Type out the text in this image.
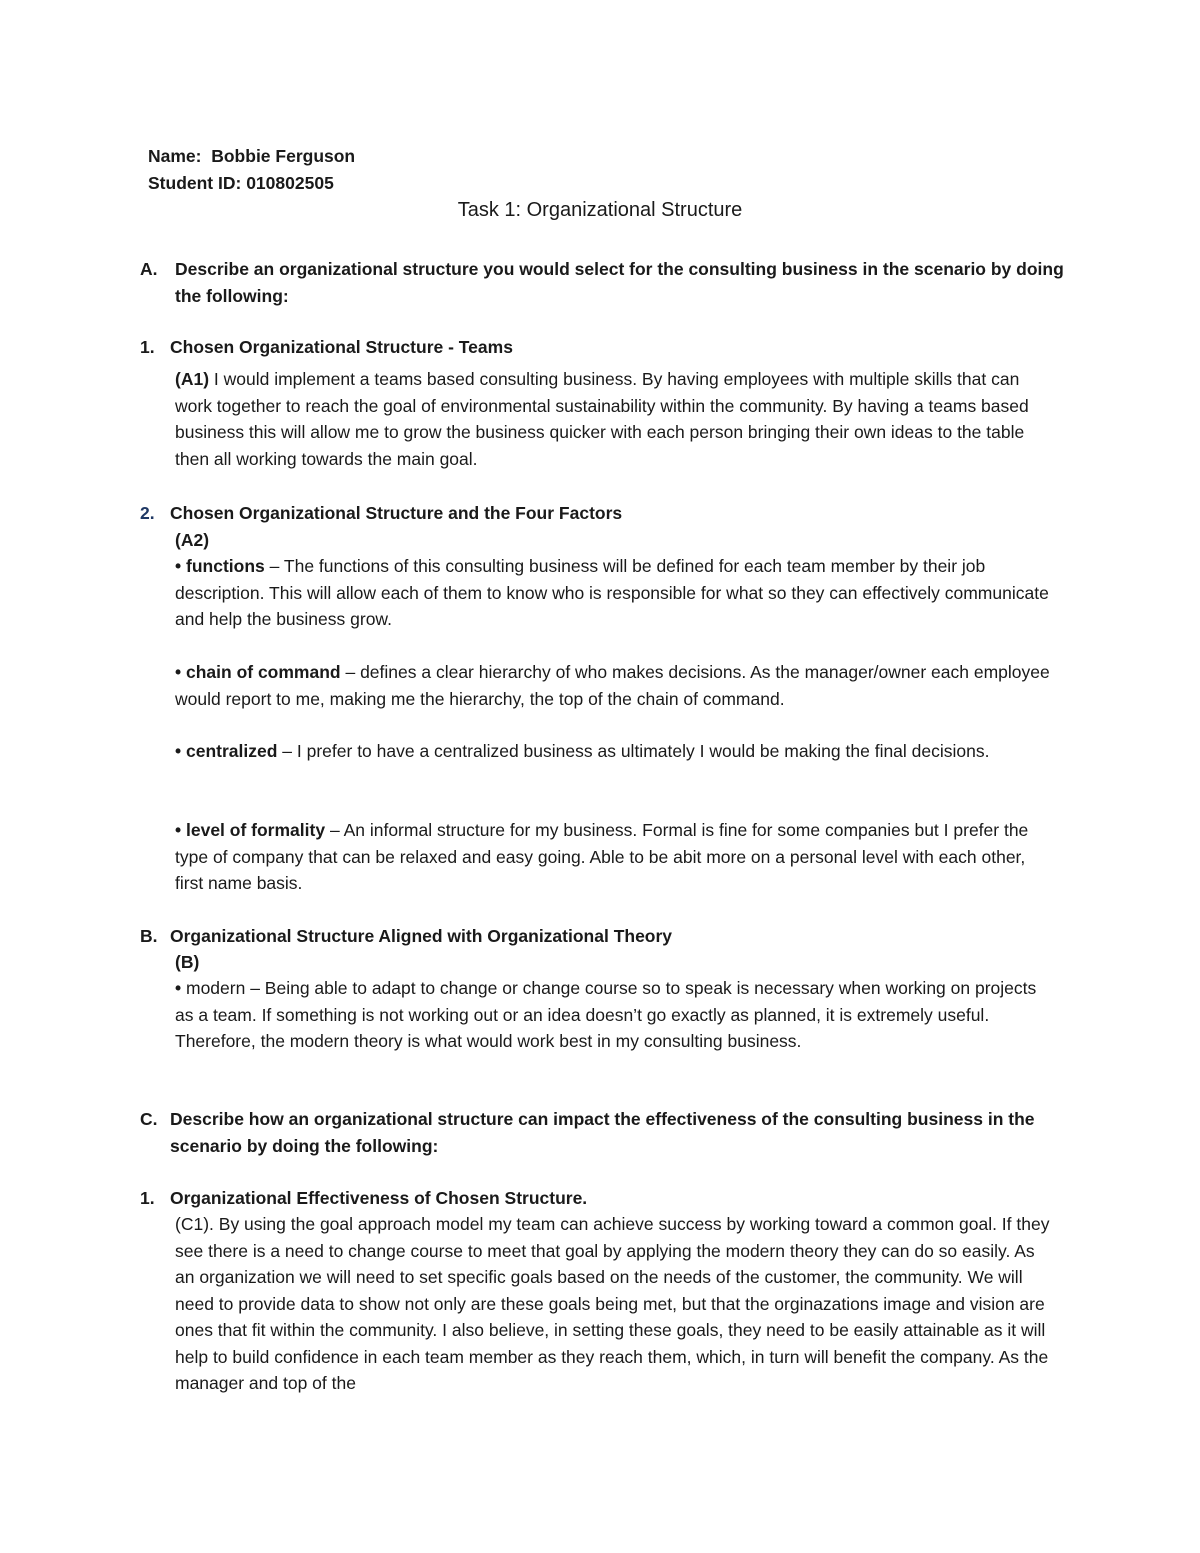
Name: Bobbie Ferguson
Student ID: 010802505
Task 1: Organizational Structure
A. Describe an organizational structure you would select for the consulting business in the scenario by doing the following:
1. Chosen Organizational Structure - Teams
(A1) I would implement a teams based consulting business. By having employees with multiple skills that can work together to reach the goal of environmental sustainability within the community. By having a teams based business this will allow me to grow the business quicker with each person bringing their own ideas to the table then all working towards the main goal.
2. Chosen Organizational Structure and the Four Factors
(A2)
• functions – The functions of this consulting business will be defined for each team member by their job description. This will allow each of them to know who is responsible for what so they can effectively communicate and help the business grow.
• chain of command – defines a clear hierarchy of who makes decisions. As the manager/owner each employee would report to me, making me the hierarchy, the top of the chain of command.
• centralized – I prefer to have a centralized business as ultimately I would be making the final decisions.
• level of formality – An informal structure for my business. Formal is fine for some companies but I prefer the type of company that can be relaxed and easy going. Able to be abit more on a personal level with each other, first name basis.
B. Organizational Structure Aligned with Organizational Theory
(B)
• modern – Being able to adapt to change or change course so to speak is necessary when working on projects as a team. If something is not working out or an idea doesn’t go exactly as planned, it is extremely useful. Therefore, the modern theory is what would work best in my consulting business.
C. Describe how an organizational structure can impact the effectiveness of the consulting business in the scenario by doing the following:
1. Organizational Effectiveness of Chosen Structure.
(C1). By using the goal approach model my team can achieve success by working toward a common goal. If they see there is a need to change course to meet that goal by applying the modern theory they can do so easily. As an organization we will need to set specific goals based on the needs of the customer, the community. We will need to provide data to show not only are these goals being met, but that the orginazations image and vision are ones that fit within the community. I also believe, in setting these goals, they need to be easily attainable as it will help to build confidence in each team member as they reach them, which, in turn will benefit the company. As the manager and top of the
